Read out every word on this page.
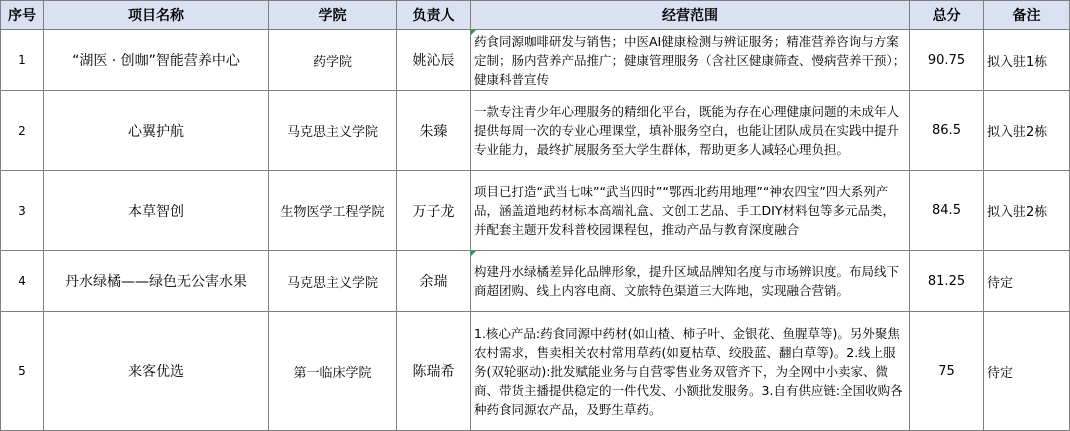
序号	项目名称	学院	负责人	经营范围	总分	备注
1	“湖医 · 创咖”智能营养中心	药学院	姚沁辰	药食同源咖啡研发与销售；中医AI健康检测与辨证服务；精准营养咨询与方案定制；肠内营养产品推广；健康管理服务（含社区健康筛查、慢病营养干预）；健康科普宣传	90.75	拟入驻1栋
2	心翼护航	马克思主义学院	朱臻	一款专注青少年心理服务的精细化平台，既能为存在心理健康问题的未成年人提供每周一次的专业心理课堂，填补服务空白，也能让团队成员在实践中提升专业能力，最终扩展服务至大学生群体，帮助更多人减轻心理负担。	86.5	拟入驻2栋
3	本草智创	生物医学工程学院	万子龙	项目已打造“武当七味”“武当四时”“鄂西北药用地理”“神农四宝”四大系列产品，涵盖道地药材标本高端礼盒、文创工艺品、手工DIY材料包等多元品类，并配套主题开发科普校园课程包，推动产品与教育深度融合	84.5	拟入驻2栋
4	丹水绿橘——绿色无公害水果	马克思主义学院	余瑞	构建丹水绿橘差异化品牌形象，提升区域品牌知名度与市场辨识度。布局线下商超团购、线上内容电商、文旅特色渠道三大阵地，实现融合营销。	81.25	待定
5	来客优选	第一临床学院	陈瑞希	1.核心产品:药食同源中药材(如山楂、柿子叶、金银花、鱼腥草等)。另外聚焦农村需求，售卖相关农村常用草药(如夏枯草、绞股蓝、翻白草等)。2.线上服务(双轮驱动):批发赋能业务与自营零售业务双管齐下，为全网中小卖家、微商、带货主播提供稳定的一件代发、小额批发服务。3.自有供应链:全国收购各种药食同源农产品，及野生草药。	75	待定
